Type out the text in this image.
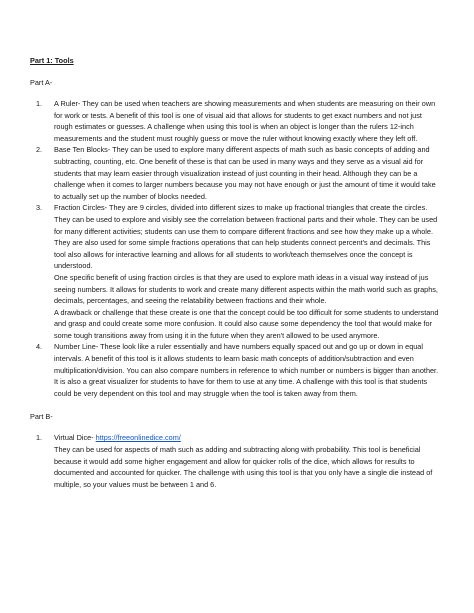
Part 1: Tools

Part A-

1. A Ruler- They can be used when teachers are showing measurements and when students are measuring on their own for work or tests. A benefit of this tool is one of visual aid that allows for students to get exact numbers and not just rough estimates or guesses. A challenge when using this tool is when an object is longer than the rulers 12-inch measurements and the student must roughly guess or move the ruler without knowing exactly where they left off.

2. Base Ten Blocks- They can be used to explore many different aspects of math such as basic concepts of adding and subtracting, counting, etc. One benefit of these is that can be used in many ways and they serve as a visual aid for students that may learn easier through visualization instead of just counting in their head. Although they can be a challenge when it comes to larger numbers because you may not have enough or just the amount of time it would take to actually set up the number of blocks needed.

3. Fraction Circles- They are 9 circles, divided into different sizes to make up fractional triangles that create the circles. They can be used to explore and visibly see the correlation between fractional parts and their whole. They can be used for many different activities; students can use them to compare different fractions and see how they make up a whole. They are also used for some simple fractions operations that can help students connect percent's and decimals. This tool also allows for interactive learning and allows for all students to work/teach themselves once the concept is understood.

One specific benefit of using fraction circles is that they are used to explore math ideas in a visual way instead of jus seeing numbers. It allows for students to work and create many different aspects within the math world such as graphs, decimals, percentages, and seeing the relatability between fractions and their whole.

A drawback or challenge that these create is one that the concept could be too difficult for some students to understand and grasp and could create some more confusion. It could also cause some dependency the tool that would make for some tough transitions away from using it in the future when they aren't allowed to be used anymore.

4. Number Line- These look like a ruler essentially and have numbers equally spaced out and go up or down in equal intervals. A benefit of this tool is it allows students to learn basic math concepts of addition/subtraction and even multiplication/division. You can also compare numbers in reference to which number or numbers is bigger than another. It is also a great visualizer for students to have for them to use at any time. A challenge with this tool is that students could be very dependent on this tool and may struggle when the tool is taken away from them.

Part B-

1. Virtual Dice- https://freeonlinedice.com/

They can be used for aspects of math such as adding and subtracting along with probability. This tool is beneficial because it would add some higher engagement and allow for quicker rolls of the dice, which allows for results to documented and accounted for quicker. The challenge with using this tool is that you only have a single die instead of multiple, so your values must be between 1 and 6.
